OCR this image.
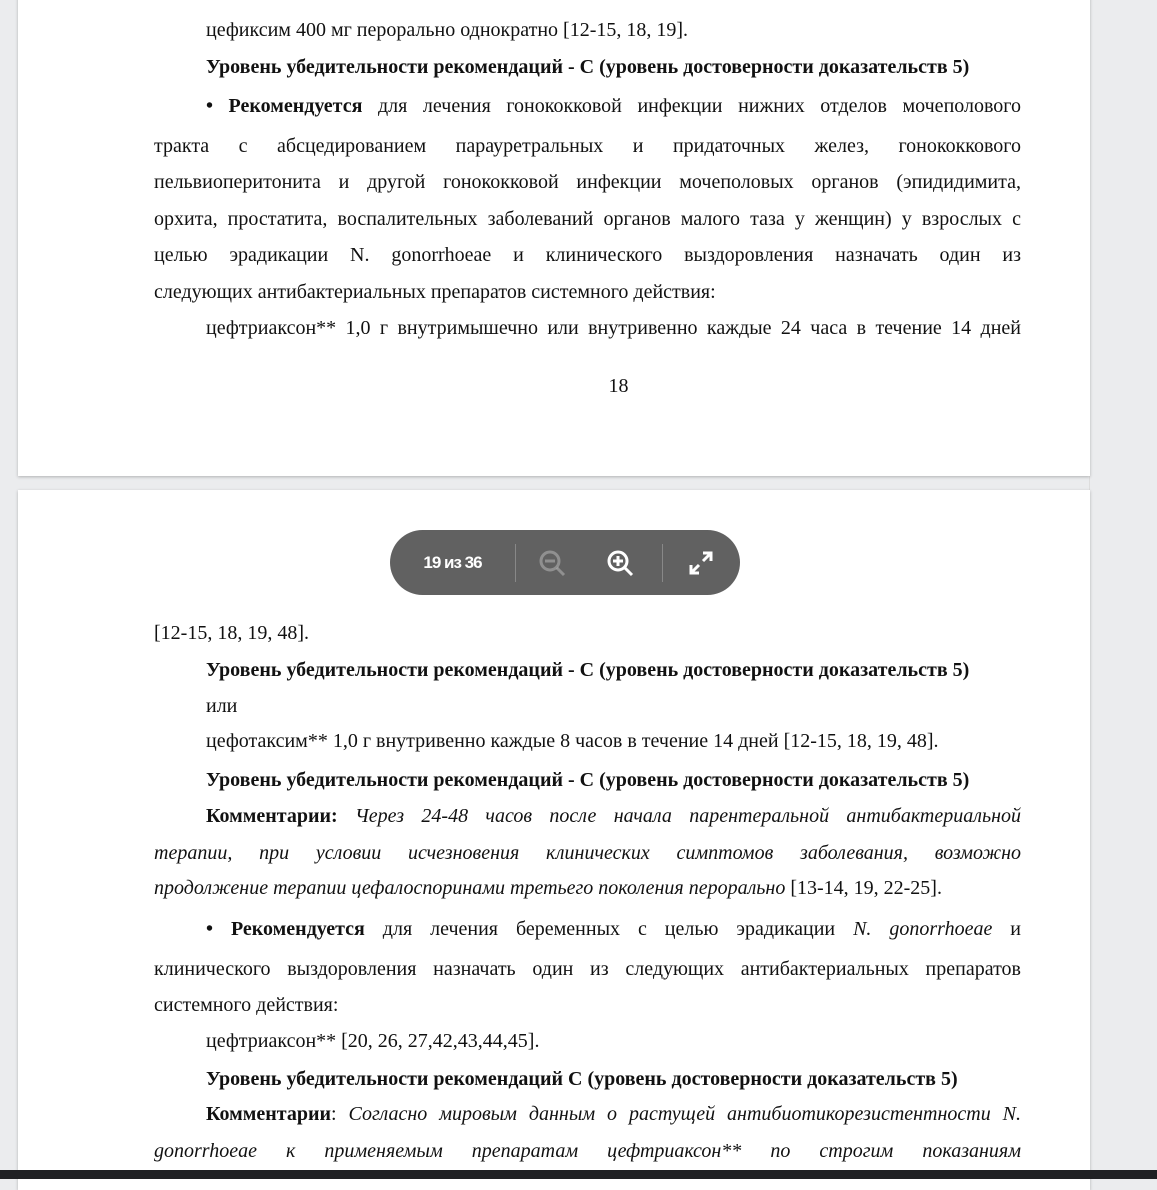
18
цефиксим 400 мг перорально однократно [12-15, 18, 19].
Уровень убедительности рекомендаций - С (уровень достоверности доказательств 5)
• Рекомендуется для лечения гонококковой инфекции нижних отделов мочеполового
тракта с абсцедированием парауретральных и придаточных желез, гонококкового
пельвиоперитонита и другой гонококковой инфекции мочеполовых органов (эпидидимита,
орхита, простатита, воспалительных заболеваний органов малого таза у женщин) у взрослых с
целью эрадикации N. gonorrhoeae и клинического выздоровления назначать один из
следующих антибактериальных препаратов системного действия:
цефтриаксон** 1,0 г внутримышечно или внутривенно каждые 24 часа в течение 14 дней
[12-15, 18, 19, 48].
Уровень убедительности рекомендаций - С (уровень достоверности доказательств 5)
или
цефотаксим** 1,0 г внутривенно каждые 8 часов в течение 14 дней [12-15, 18, 19, 48].
Уровень убедительности рекомендаций - С (уровень достоверности доказательств 5)
Комментарии: Через 24-48 часов после начала парентеральной антибактериальной
терапии, при условии исчезновения клинических симптомов заболевания, возможно
продолжение терапии цефалоспоринами третьего поколения перорально [13-14, 19, 22-25].
• Рекомендуется для лечения беременных с целью эрадикации N. gonorrhoeae и
клинического выздоровления назначать один из следующих антибактериальных препаратов
системного действия:
цефтриаксон** [20, 26, 27,42,43,44,45].
Уровень убедительности рекомендаций С (уровень достоверности доказательств 5)
Комментарии: Согласно мировым данным о растущей антибиотикорезистентности N.
gonorrhoeae к применяемым препаратам цефтриаксон** по строгим показаниям
19 из 36
